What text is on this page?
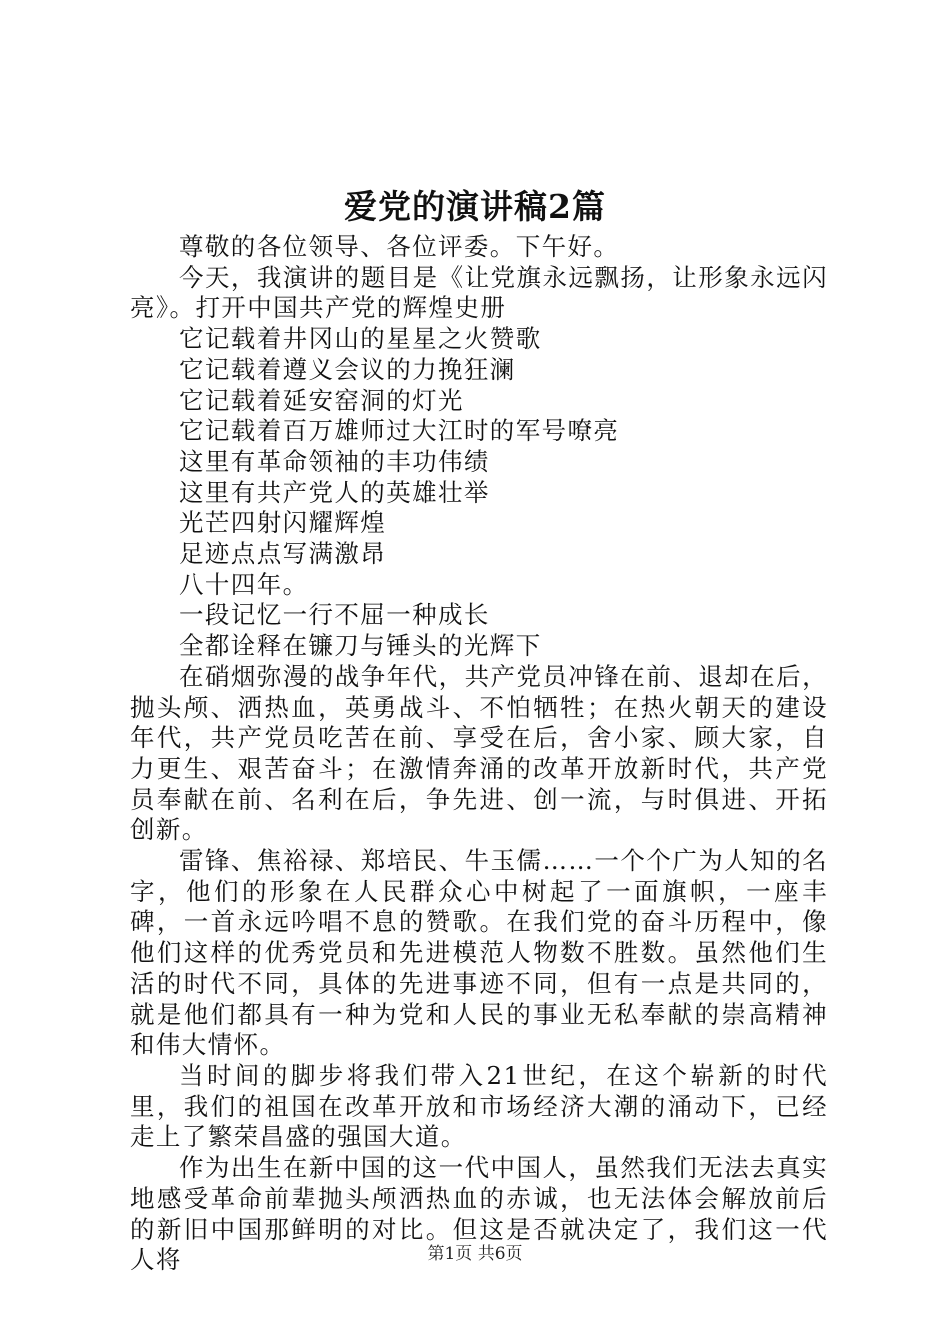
爱党的演讲稿2篇

尊敬的各位领导、各位评委。下午好。

今天，我演讲的题目是《让党旗永远飘扬，让形象永远闪亮》。打开中国共产党的辉煌史册

它记载着井冈山的星星之火赞歌

它记载着遵义会议的力挽狂澜

它记载着延安窑洞的灯光

它记载着百万雄师过大江时的军号嘹亮

这里有革命领袖的丰功伟绩

这里有共产党人的英雄壮举

光芒四射闪耀辉煌

足迹点点写满激昂

八十四年。

一段记忆一行不屈一种成长

全都诠释在镰刀与锤头的光辉下

在硝烟弥漫的战争年代，共产党员冲锋在前、退却在后，抛头颅、洒热血，英勇战斗、不怕牺牲；在热火朝天的建设年代，共产党员吃苦在前、享受在后，舍小家、顾大家，自力更生、艰苦奋斗；在激情奔涌的改革开放新时代，共产党员奉献在前、名利在后，争先进、创一流，与时俱进、开拓创新。

雷锋、焦裕禄、郑培民、牛玉儒……一个个广为人知的名字，他们的形象在人民群众心中树起了一面旗帜，一座丰碑，一首永远吟唱不息的赞歌。在我们党的奋斗历程中，像他们这样的优秀党员和先进模范人物数不胜数。虽然他们生活的时代不同，具体的先进事迹不同，但有一点是共同的，就是他们都具有一种为党和人民的事业无私奉献的崇高精神和伟大情怀。

当时间的脚步将我们带入21世纪，在这个崭新的时代里，我们的祖国在改革开放和市场经济大潮的涌动下，已经走上了繁荣昌盛的强国大道。

作为出生在新中国的这一代中国人，虽然我们无法去真实地感受革命前辈抛头颅洒热血的赤诚，也无法体会解放前后的新旧中国那鲜明的对比。但这是否就决定了，我们这一代人将	第1页 共6页
